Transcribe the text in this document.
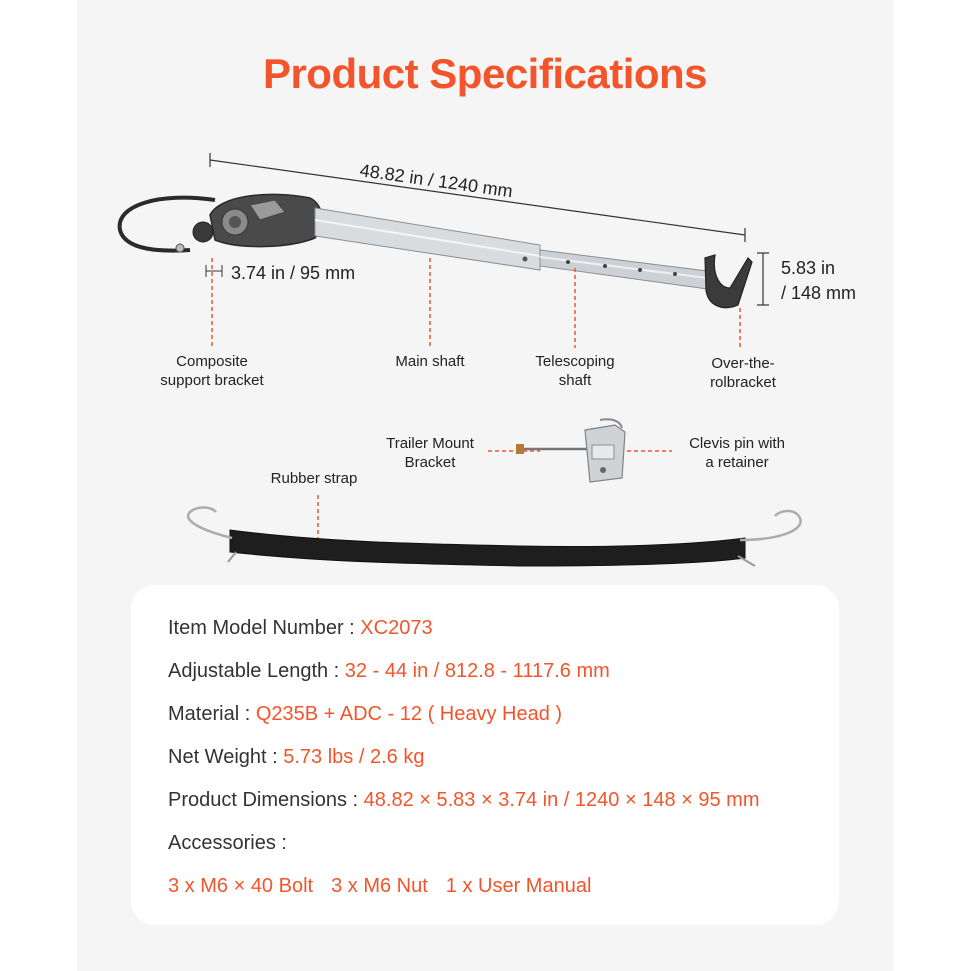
Product Specifications
48.82 in / 1240 mm
3.74 in / 95 mm	5.83 in
/ 148 mm
Composite
support bracket
Main shaft	Telescoping
shaft
Over-the-
rolbracket
Trailer Mount
Bracket
Clevis pin with
a retainer
Rubber strap
Item Model Number : XC2073
Adjustable Length : 32 - 44 in / 812.8 - 1117.6 mm
Material : Q235B + ADC - 12 ( Heavy Head )
Net Weight : 5.73 lbs / 2.6 kg
Product Dimensions : 48.82 × 5.83 × 3.74 in / 1240 × 148 × 95 mm
Accessories :
3 x M6 × 40 Bolt 3 x M6 Nut 1 x User Manual
